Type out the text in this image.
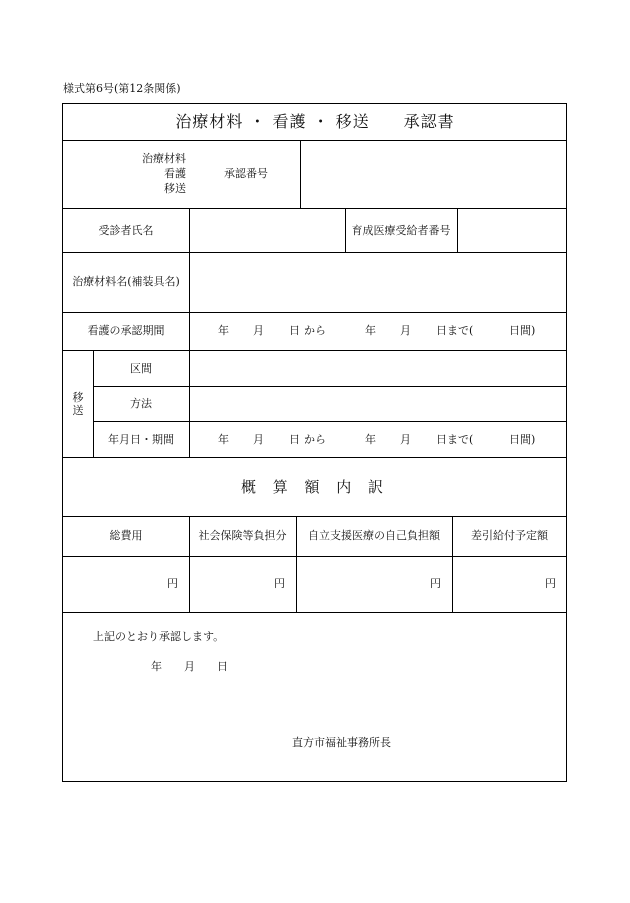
様式第6号(第12条関係)
治療材料 ・ 看護 ・ 移送　　承認書
治療材料
看護
移送
承認番号
受診者氏名	育成医療受給者番号
治療材料名(補装具名)
看護の承認期間	年 月 日 から	年 月 日まで(	日間)
移送
区間
方法
年月日・期間	年 月 日 から	年 月 日まで(	日間)
概 算 額 内 訳
総費用	社会保険等負担分	自立支援医療の自己負担額	差引給付予定額
円	円	円	円
上記のとおり承認します。
年　　月　　日
直方市福祉事務所長
